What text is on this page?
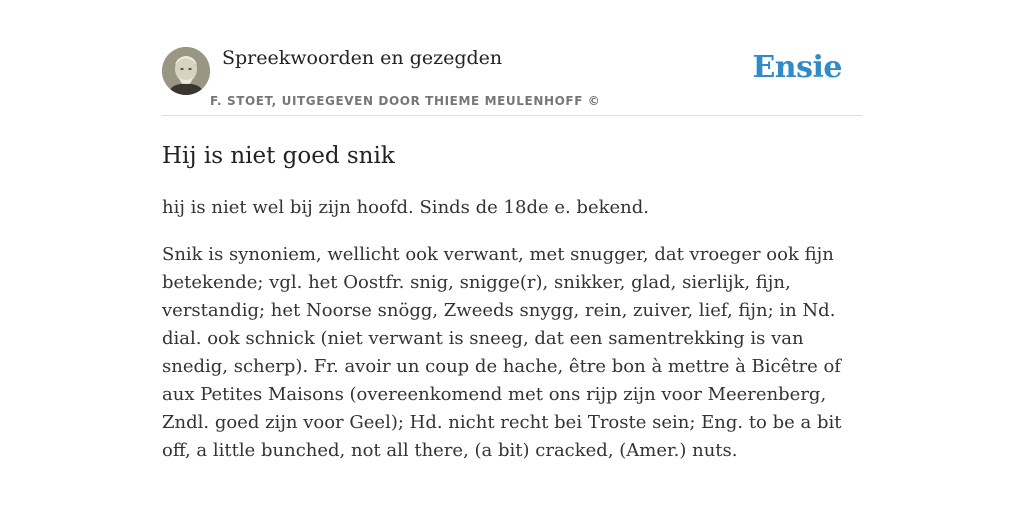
Spreekwoorden en gezegden
F. STOET, UITGEGEVEN DOOR THIEME MEULENHOFF ©
Ensie
Hij is niet goed snik

hij is niet wel bij zijn hoofd. Sinds de 18de e. bekend.

Snik is synoniem, wellicht ook verwant, met snugger, dat vroeger ook fijn betekende; vgl. het Oostfr. snig, snigge(r), snikker, glad, sierlijk, fijn, verstandig; het Noorse snögg, Zweeds snygg, rein, zuiver, lief, fijn; in Nd. dial. ook schnick (niet verwant is sneeg, dat een samentrekking is van snedig, scherp). Fr. avoir un coup de hache, être bon à mettre à Bicêtre of aux Petites Maisons (overeenkomend met ons rijp zijn voor Meerenberg, Zndl. goed zijn voor Geel); Hd. nicht recht bei Troste sein; Eng. to be a bit off, a little bunched, not all there, (a bit) cracked, (Amer.) nuts.
